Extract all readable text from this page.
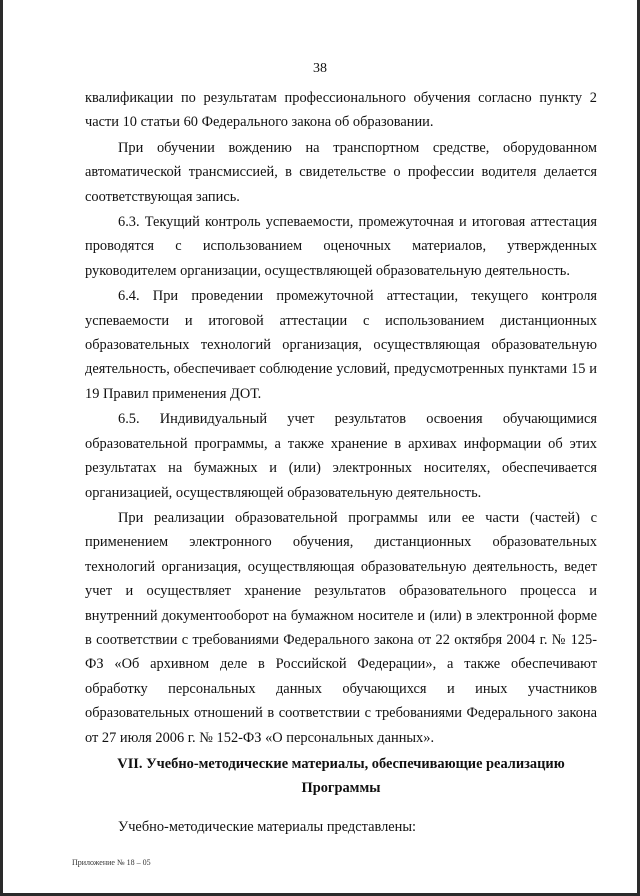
38

квалификации по результатам профессионального обучения согласно пункту 2 части 10 статьи 60 Федерального закона об образовании.

При обучении вождению на транспортном средстве, оборудованном автоматической трансмиссией, в свидетельстве о профессии водителя делается соответствующая запись.

6.3. Текущий контроль успеваемости, промежуточная и итоговая аттестация проводятся с использованием оценочных материалов, утвержденных руководителем организации, осуществляющей образовательную деятельность.

6.4. При проведении промежуточной аттестации, текущего контроля успеваемости и итоговой аттестации с использованием дистанционных образовательных технологий организация, осуществляющая образовательную деятельность, обеспечивает соблюдение условий, предусмотренных пунктами 15 и 19 Правил применения ДОТ.

6.5. Индивидуальный учет результатов освоения обучающимися образовательной программы, а также хранение в архивах информации об этих результатах на бумажных и (или) электронных носителях, обеспечивается организацией, осуществляющей образовательную деятельность.

При реализации образовательной программы или ее части (частей) с применением электронного обучения, дистанционных образовательных технологий организация, осуществляющая образовательную деятельность, ведет учет и осуществляет хранение результатов образовательного процесса и внутренний документооборот на бумажном носителе и (или) в электронной форме в соответствии с требованиями Федерального закона от 22 октября 2004 г. № 125-ФЗ «Об архивном деле в Российской Федерации», а также обеспечивают обработку персональных данных обучающихся и иных участников образовательных отношений в соответствии с требованиями Федерального закона от 27 июля 2006 г. № 152-ФЗ «О персональных данных».

VII. Учебно-методические материалы, обеспечивающие реализацию Программы

Учебно-методические материалы представлены:

Приложение № 18 – 05
